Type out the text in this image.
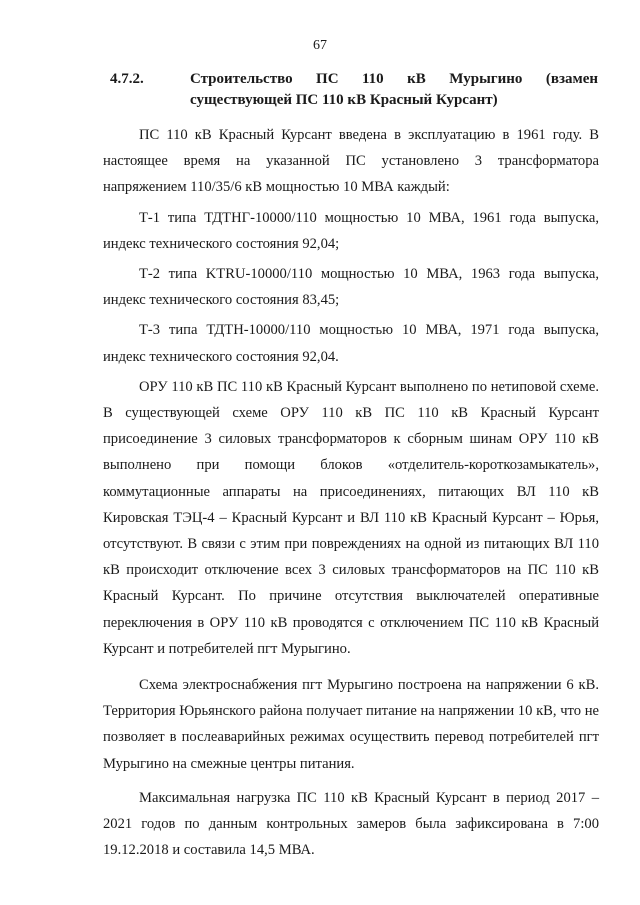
67
4.7.2.	Строительство ПС 110 кВ Мурыгино (взамен существующей ПС 110 кВ Красный Курсант)

ПС 110 кВ Красный Курсант введена в эксплуатацию в 1961 году. В настоящее время на указанной ПС установлено 3 трансформатора напряжением 110/35/6 кВ мощностью 10 МВА каждый:

Т-1 типа ТДТНГ-10000/110 мощностью 10 МВА, 1961 года выпуска, индекс технического состояния 92,04;

Т-2 типа KTRU-10000/110 мощностью 10 МВА, 1963 года выпуска, индекс технического состояния 83,45;

Т-3 типа ТДТН-10000/110 мощностью 10 МВА, 1971 года выпуска, индекс технического состояния 92,04.

ОРУ 110 кВ ПС 110 кВ Красный Курсант выполнено по нетиповой схеме. В существующей схеме ОРУ 110 кВ ПС 110 кВ Красный Курсант присоединение 3 силовых трансформаторов к сборным шинам ОРУ 110 кВ выполнено при помощи блоков «отделитель-короткозамыкатель», коммутационные аппараты на присоединениях, питающих ВЛ 110 кВ Кировская ТЭЦ-4 – Красный Курсант и ВЛ 110 кВ Красный Курсант – Юрья, отсутствуют. В связи с этим при повреждениях на одной из питающих ВЛ 110 кВ происходит отключение всех 3 силовых трансформаторов на ПС 110 кВ Красный Курсант. По причине отсутствия выключателей оперативные переключения в ОРУ 110 кВ проводятся с отключением ПС 110 кВ Красный Курсант и потребителей пгт Мурыгино.

Схема электроснабжения пгт Мурыгино построена на напряжении 6 кВ. Территория Юрьянского района получает питание на напряжении 10 кВ, что не позволяет в послеаварийных режимах осуществить перевод потребителей пгт Мурыгино на смежные центры питания.

Максимальная нагрузка ПС 110 кВ Красный Курсант в период 2017 – 2021 годов по данным контрольных замеров была зафиксирована в 7:00 19.12.2018 и составила 14,5 МВА.
